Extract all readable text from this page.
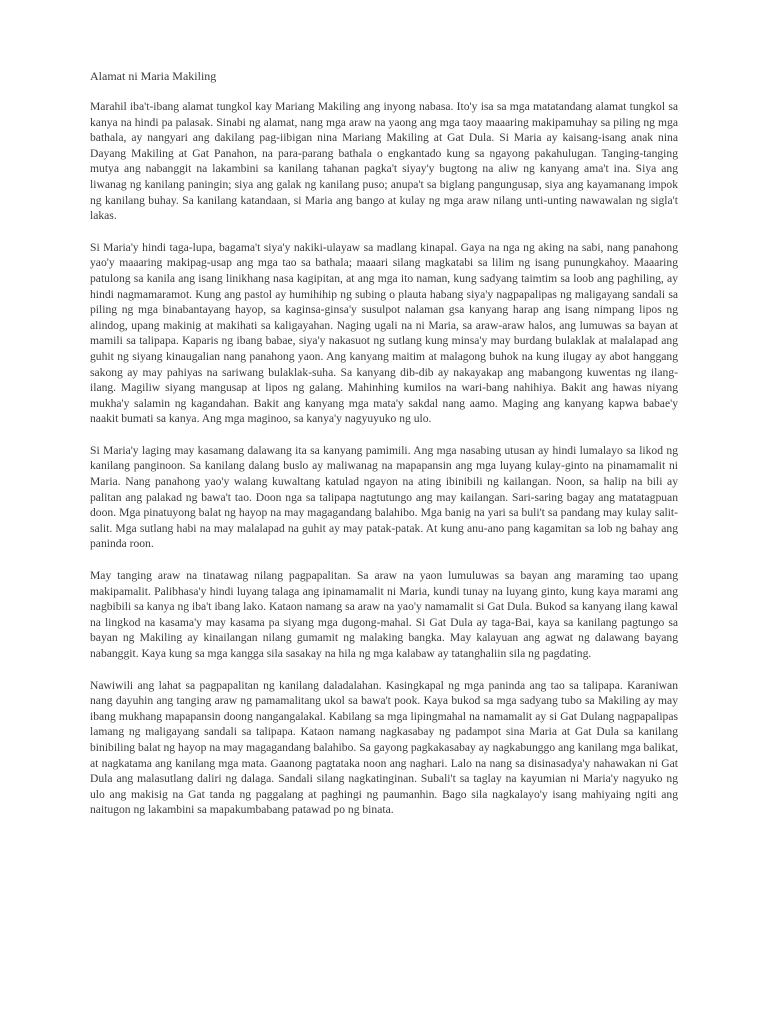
Alamat ni Maria Makiling

Marahil iba't-ibang alamat tungkol kay Mariang Makiling ang inyong nabasa. Ito'y isa sa mga matatandang alamat tungkol sa kanya na hindi pa palasak. Sinabi ng alamat, nang mga araw na yaong ang mga taoy maaaring makipamuhay sa piling ng mga bathala, ay nangyari ang dakilang pag-iibigan nina Mariang Makiling at Gat Dula. Si Maria ay kaisang-isang anak nina Dayang Makiling at Gat Panahon, na para-parang bathala o engkantado kung sa ngayong pakahulugan. Tanging-tanging mutya ang nabanggit na lakambini sa kanilang tahanan pagka't siyay'y bugtong na aliw ng kanyang ama't ina. Siya ang liwanag ng kanilang paningin; siya ang galak ng kanilang puso; anupa't sa biglang pangungusap, siya ang kayamanang impok ng kanilang buhay. Sa kanilang katandaan, si Maria ang bango at kulay ng mga araw nilang unti-unting nawawalan ng sigla't lakas.

Si Maria'y hindi taga-lupa, bagama't siya'y nakiki-ulayaw sa madlang kinapal. Gaya na nga ng aking na sabi, nang panahong yao'y maaaring makipag-usap ang mga tao sa bathala; maaari silang magkatabi sa lilim ng isang punungkahoy. Maaaring patulong sa kanila ang isang linikhang nasa kagipitan, at ang mga ito naman, kung sadyang taimtim sa loob ang paghiling, ay hindi nagmamaramot. Kung ang pastol ay humihihip ng subing o plauta habang siya'y nagpapalipas ng maligayang sandali sa piling ng mga binabantayang hayop, sa kaginsa-ginsa'y susulpot nalaman gsa kanyang harap ang isang nimpang lipos ng alindog, upang makinig at makihati sa kaligayahan. Naging ugali na ni Maria, sa araw-araw halos, ang lumuwas sa bayan at mamili sa talipapa. Kaparis ng ibang babae, siya'y nakasuot ng sutlang kung minsa'y may burdang bulaklak at malalapad ang guhit ng siyang kinaugalian nang panahong yaon. Ang kanyang maitim at malagong buhok na kung ilugay ay abot hanggang sakong ay may pahiyas na sariwang bulaklak-suha. Sa kanyang dib-dib ay nakayakap ang mabangong kuwentas ng ilang-ilang. Magiliw siyang mangusap at lipos ng galang. Mahinhing kumilos na wari-bang nahihiya. Bakit ang hawas niyang mukha'y salamin ng kagandahan. Bakit ang kanyang mga mata'y sakdal nang aamo. Maging ang kanyang kapwa babae'y naakit bumati sa kanya. Ang mga maginoo, sa kanya'y nagyuyuko ng ulo.

Si Maria'y laging may kasamang dalawang ita sa kanyang pamimili. Ang mga nasabing utusan ay hindi lumalayo sa likod ng kanilang panginoon. Sa kanilang dalang buslo ay maliwanag na mapapansin ang mga luyang kulay-ginto na pinamamalit ni Maria. Nang panahong yao'y walang kuwaltang katulad ngayon na ating ibinibili ng kailangan. Noon, sa halip na bili ay palitan ang palakad ng bawa't tao. Doon nga sa talipapa nagtutungo ang may kailangan. Sari-saring bagay ang matatagpuan doon. Mga pinatuyong balat ng hayop na may magagandang balahibo. Mga banig na yari sa buli't sa pandang may kulay salit-salit. Mga sutlang habi na may malalapad na guhit ay may patak-patak. At kung anu-ano pang kagamitan sa lob ng bahay ang paninda roon.

May tanging araw na tinatawag nilang pagpapalitan. Sa araw na yaon lumuluwas sa bayan ang maraming tao upang makipamalit. Palibhasa'y hindi luyang talaga ang ipinamamalit ni Maria, kundi tunay na luyang ginto, kung kaya marami ang nagbibili sa kanya ng iba't ibang lako. Kataon namang sa araw na yao'y namamalit si Gat Dula. Bukod sa kanyang ilang kawal na lingkod na kasama'y may kasama pa siyang mga dugong-mahal. Si Gat Dula ay taga-Bai, kaya sa kanilang pagtungo sa bayan ng Makiling ay kinailangan nilang gumamit ng malaking bangka. May kalayuan ang agwat ng dalawang bayang nabanggit. Kaya kung sa mga kangga sila sasakay na hila ng mga kalabaw ay tatanghaliin sila ng pagdating.

Nawiwili ang lahat sa pagpapalitan ng kanilang daladalahan. Kasingkapal ng mga paninda ang tao sa talipapa. Karaniwan nang dayuhin ang tanging araw ng pamamalitang ukol sa bawa't pook. Kaya bukod sa mga sadyang tubo sa Makiling ay may ibang mukhang mapapansin doong nangangalakal. Kabilang sa mga lipingmahal na namamalit ay si Gat Dulang nagpapalipas lamang ng maligayang sandali sa talipapa. Kataon namang nagkasabay ng padampot sina Maria at Gat Dula sa kanilang binibiling balat ng hayop na may magagandang balahibo. Sa gayong pagkakasabay ay nagkabunggo ang kanilang mga balikat, at nagkatama ang kanilang mga mata. Gaanong pagtataka noon ang naghari. Lalo na nang sa disinasadya'y nahawakan ni Gat Dula ang malasutlang daliri ng dalaga. Sandali silang nagkatinginan. Subali't sa taglay na kayumian ni Maria'y nagyuko ng ulo ang makisig na Gat tanda ng paggalang at paghingi ng paumanhin. Bago sila nagkalayo'y isang mahiyaing ngiti ang naitugon ng lakambini sa mapakumbabang patawad po ng binata.
